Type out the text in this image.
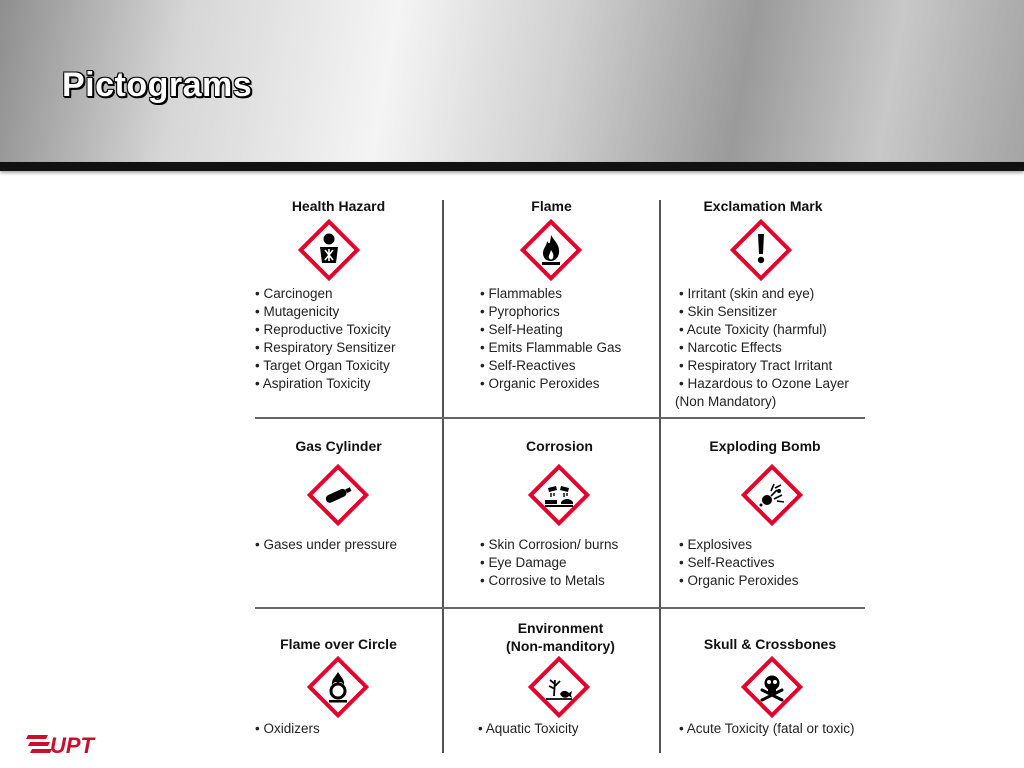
Pictograms
Health Hazard
• Carcinogen
• Mutagenicity
• Reproductive Toxicity
• Respiratory Sensitizer
• Target Organ Toxicity
• Aspiration Toxicity
Flame
• Flammables
• Pyrophorics
• Self-Heating
• Emits Flammable Gas
• Self-Reactives
• Organic Peroxides
Exclamation Mark
• Irritant (skin and eye)
• Skin Sensitizer
• Acute Toxicity (harmful)
• Narcotic Effects
• Respiratory Tract Irritant
• Hazardous to Ozone Layer
(Non Mandatory)
Gas Cylinder
• Gases under pressure
Corrosion
• Skin Corrosion/ burns
• Eye Damage
• Corrosive to Metals
Exploding Bomb
• Explosives
• Self-Reactives
• Organic Peroxides
Flame over Circle
• Oxidizers
Environment
(Non-manditory)
• Aquatic Toxicity
Skull & Crossbones
• Acute Toxicity (fatal or toxic)
UPT
